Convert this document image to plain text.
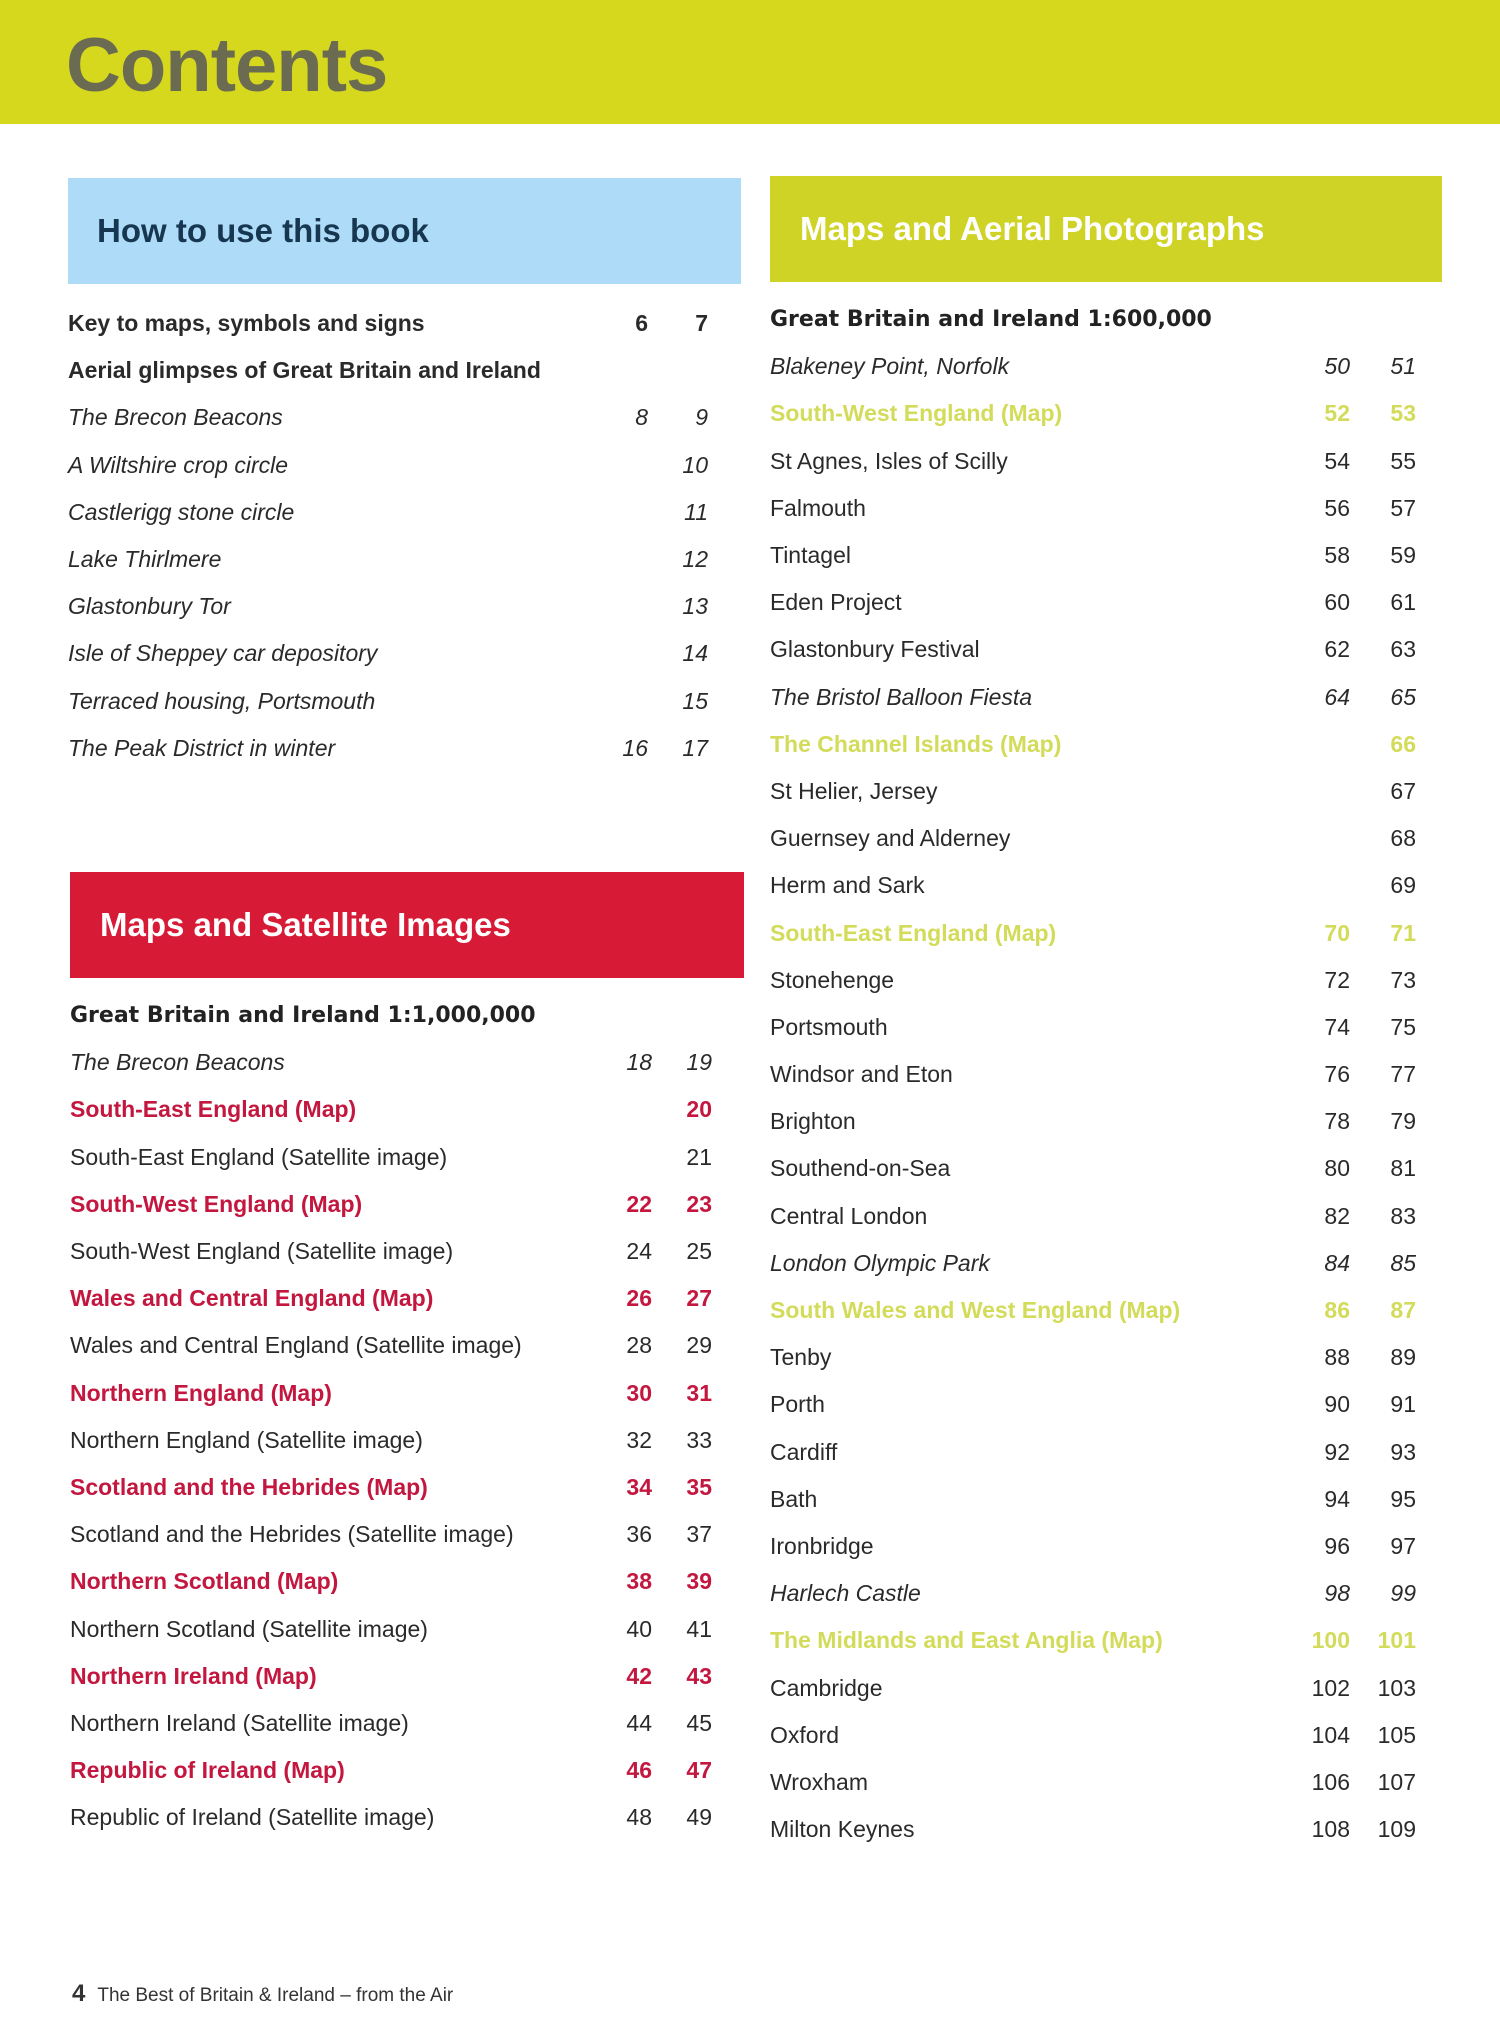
Contents
How to use this book
Key to maps, symbols and signs	6	7
Aerial glimpses of Great Britain and Ireland
The Brecon Beacons	8	9
A Wiltshire crop circle	10
Castlerigg stone circle	11
Lake Thirlmere	12
Glastonbury Tor	13
Isle of Sheppey car depository	14
Terraced housing, Portsmouth	15
The Peak District in winter	16	17
Maps and Satellite Images
Great Britain and Ireland 1:1,000,000
The Brecon Beacons	18	19
South-East England (Map)	20
South-East England (Satellite image)	21
South-West England (Map)	22	23
South-West England (Satellite image)	24	25
Wales and Central England (Map)	26	27
Wales and Central England (Satellite image)	28	29
Northern England (Map)	30	31
Northern England (Satellite image)	32	33
Scotland and the Hebrides (Map)	34	35
Scotland and the Hebrides (Satellite image)	36	37
Northern Scotland (Map)	38	39
Northern Scotland (Satellite image)	40	41
Northern Ireland (Map)	42	43
Northern Ireland (Satellite image)	44	45
Republic of Ireland (Map)	46	47
Republic of Ireland (Satellite image)	48	49
Maps and Aerial Photographs
Great Britain and Ireland 1:600,000
Blakeney Point, Norfolk	50	51
South-West England (Map)	52	53
St Agnes, Isles of Scilly	54	55
Falmouth	56	57
Tintagel	58	59
Eden Project	60	61
Glastonbury Festival	62	63
The Bristol Balloon Fiesta	64	65
The Channel Islands (Map)	66
St Helier, Jersey	67
Guernsey and Alderney	68
Herm and Sark	69
South-East England (Map)	70	71
Stonehenge	72	73
Portsmouth	74	75
Windsor and Eton	76	77
Brighton	78	79
Southend-on-Sea	80	81
Central London	82	83
London Olympic Park	84	85
South Wales and West England (Map)	86	87
Tenby	88	89
Porth	90	91
Cardiff	92	93
Bath	94	95
Ironbridge	96	97
Harlech Castle	98	99
The Midlands and East Anglia (Map)	100	101
Cambridge	102	103
Oxford	104	105
Wroxham	106	107
Milton Keynes	108	109
4 The Best of Britain & Ireland – from the Air
